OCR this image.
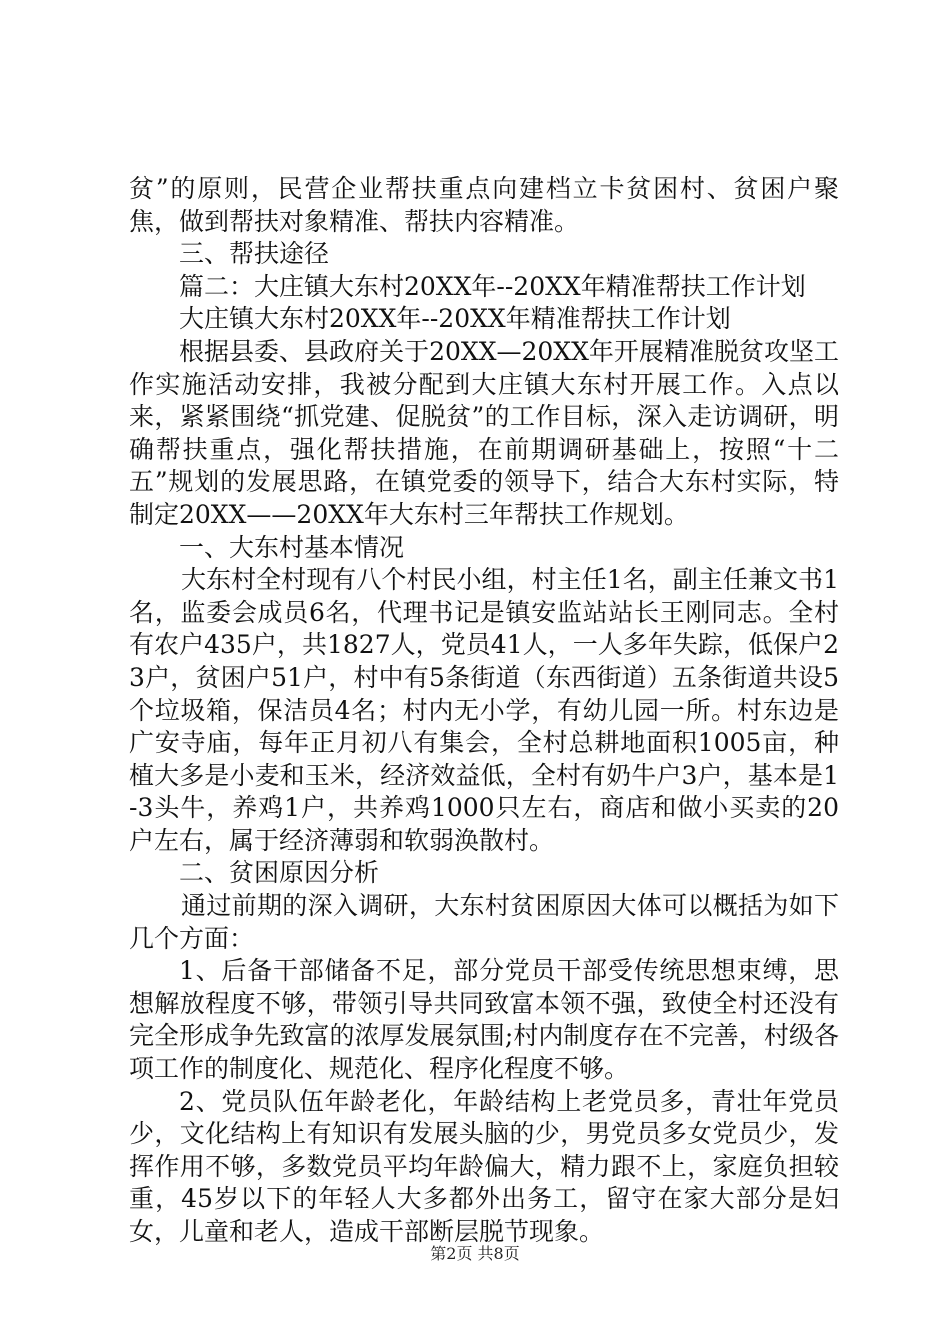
贫”的原则，民营企业帮扶重点向建档立卡贫困村、贫困户聚焦，做到帮扶对象精准、帮扶内容精准。

三、帮扶途径

篇二：大庄镇大东村20XX年--20XX年精准帮扶工作计划

大庄镇大东村20XX年--20XX年精准帮扶工作计划

根据县委、县政府关于20XX—20XX年开展精准脱贫攻坚工作实施活动安排，我被分配到大庄镇大东村开展工作。入点以来，紧紧围绕“抓党建、促脱贫”的工作目标，深入走访调研，明确帮扶重点，强化帮扶措施，在前期调研基础上，按照“十二五”规划的发展思路，在镇党委的领导下，结合大东村实际，特制定20XX——20XX年大东村三年帮扶工作规划。

一、大东村基本情况

大东村全村现有八个村民小组，村主任1名，副主任兼文书1名，监委会成员6名，代理书记是镇安监站站长王刚同志。全村有农户435户，共1827人，党员41人，一人多年失踪，低保户23户，贫困户51户，村中有5条街道（东西街道）五条街道共设5个垃圾箱，保洁员4名；村内无小学，有幼儿园一所。村东边是广安寺庙，每年正月初八有集会，全村总耕地面积1005亩，种植大多是小麦和玉米，经济效益低，全村有奶牛户3户，基本是1-3头牛，养鸡1户，共养鸡1000只左右，商店和做小买卖的20户左右，属于经济薄弱和软弱涣散村。

二、贫困原因分析

通过前期的深入调研，大东村贫困原因大体可以概括为如下几个方面：

1、后备干部储备不足，部分党员干部受传统思想束缚，思想解放程度不够，带领引导共同致富本领不强，致使全村还没有完全形成争先致富的浓厚发展氛围;村内制度存在不完善，村级各项工作的制度化、规范化、程序化程度不够。

2、党员队伍年龄老化，年龄结构上老党员多，青壮年党员少，文化结构上有知识有发展头脑的少，男党员多女党员少，发挥作用不够，多数党员平均年龄偏大，精力跟不上，家庭负担较重，45岁以下的年轻人大多都外出务工，留守在家大部分是妇女，儿童和老人，造成干部断层脱节现象。

第2页 共8页
